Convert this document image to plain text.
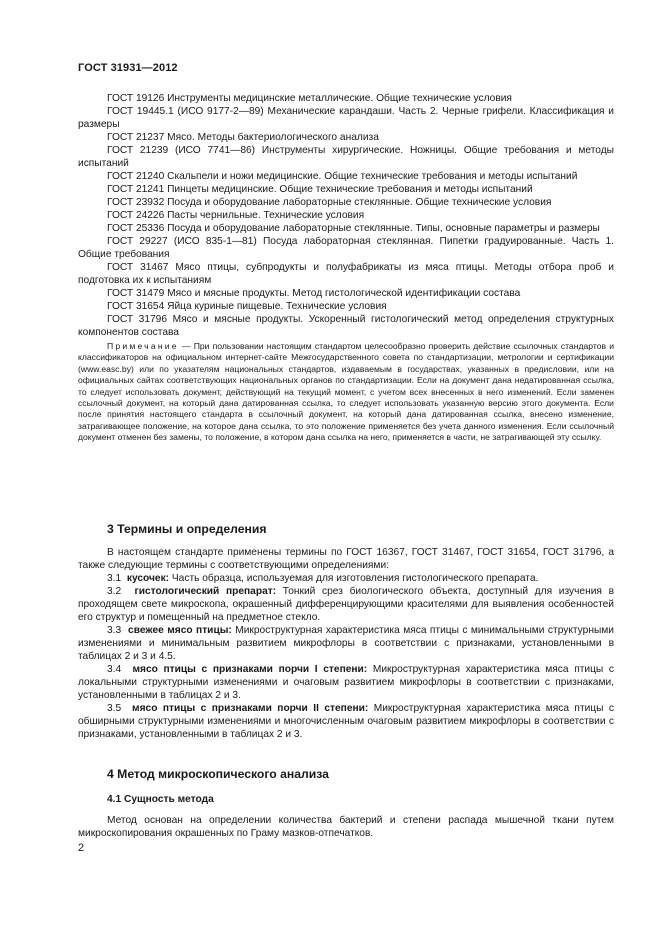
ГОСТ 31931—2012

ГОСТ 19126 Инструменты медицинские металлические. Общие технические условия

ГОСТ 19445.1 (ИСО 9177-2—89) Механические карандаши. Часть 2. Черные грифели. Классификация и размеры

ГОСТ 21237 Мясо. Методы бактериологического анализа

ГОСТ 21239 (ИСО 7741—86) Инструменты хирургические. Ножницы. Общие требования и методы испытаний

ГОСТ 21240 Скальпели и ножи медицинские. Общие технические требования и методы испытаний

ГОСТ 21241 Пинцеты медицинские. Общие технические требования и методы испытаний

ГОСТ 23932 Посуда и оборудование лабораторные стеклянные. Общие технические условия

ГОСТ 24226 Пасты чернильные. Технические условия

ГОСТ 25336 Посуда и оборудование лабораторные стеклянные. Типы, основные параметры и размеры

ГОСТ 29227 (ИСО 835-1—81) Посуда лабораторная стеклянная. Пипетки градуированные. Часть 1. Общие требования

ГОСТ 31467 Мясо птицы, субпродукты и полуфабрикаты из мяса птицы. Методы отбора проб и подготовка их к испытаниям

ГОСТ 31479 Мясо и мясные продукты. Метод гистологической идентификации состава

ГОСТ 31654 Яйца куриные пищевые. Технические условия

ГОСТ 31796 Мясо и мясные продукты. Ускоренный гистологический метод определения структурных компонентов состава

Примечание — При пользовании настоящим стандартом целесообразно проверить действие ссылочных стандартов и классификаторов на официальном интернет-сайте Межгосударственного совета по стандартизации, метрологии и сертификации (www.easc.by) или по указателям национальных стандартов, издаваемым в государствах, указанных в предисловии, или на официальных сайтах соответствующих национальных органов по стандартизации. Если на документ дана недатированная ссылка, то следует использовать документ, действующий на текущий момент, с учетом всех внесенных в него изменений. Если заменен ссылочный документ, на который дана датированная ссылка, то следует использовать указанную версию этого документа. Если после принятия настоящего стандарта в ссылочный документ, на который дана датированная ссылка, внесено изменение, затрагивающее положение, на которое дана ссылка, то это положение применяется без учета данного изменения. Если ссылочный документ отменен без замены, то положение, в котором дана ссылка на него, применяется в части, не затрагивающей эту ссылку.

3 Термины и определения

В настоящем стандарте применены термины по ГОСТ 16367, ГОСТ 31467, ГОСТ 31654, ГОСТ 31796, а также следующие термины с соответствующими определениями:

3.1 кусочек: Часть образца, используемая для изготовления гистологического препарата.

3.2 гистологический препарат: Тонкий срез биологического объекта, доступный для изучения в проходящем свете микроскопа, окрашенный дифференцирующими красителями для выявления особенностей его структур и помещенный на предметное стекло.

3.3 свежее мясо птицы: Микроструктурная характеристика мяса птицы с минимальными структурными изменениями и минимальным развитием микрофлоры в соответствии с признаками, установленными в таблицах 2 и 3 и 4.5.

3.4 мясо птицы с признаками порчи I степени: Микроструктурная характеристика мяса птицы с локальными структурными изменениями и очаговым развитием микрофлоры в соответствии с признаками, установленными в таблицах 2 и 3.

3.5 мясо птицы с признаками порчи II степени: Микроструктурная характеристика мяса птицы с обширными структурными изменениями и многочисленным очаговым развитием микрофлоры в соответствии с признаками, установленными в таблицах 2 и 3.

4 Метод микроскопического анализа
4.1 Сущность метода

Метод основан на определении количества бактерий и степени распада мышечной ткани путем микроскопирования окрашенных по Граму мазков-отпечатков.

2
